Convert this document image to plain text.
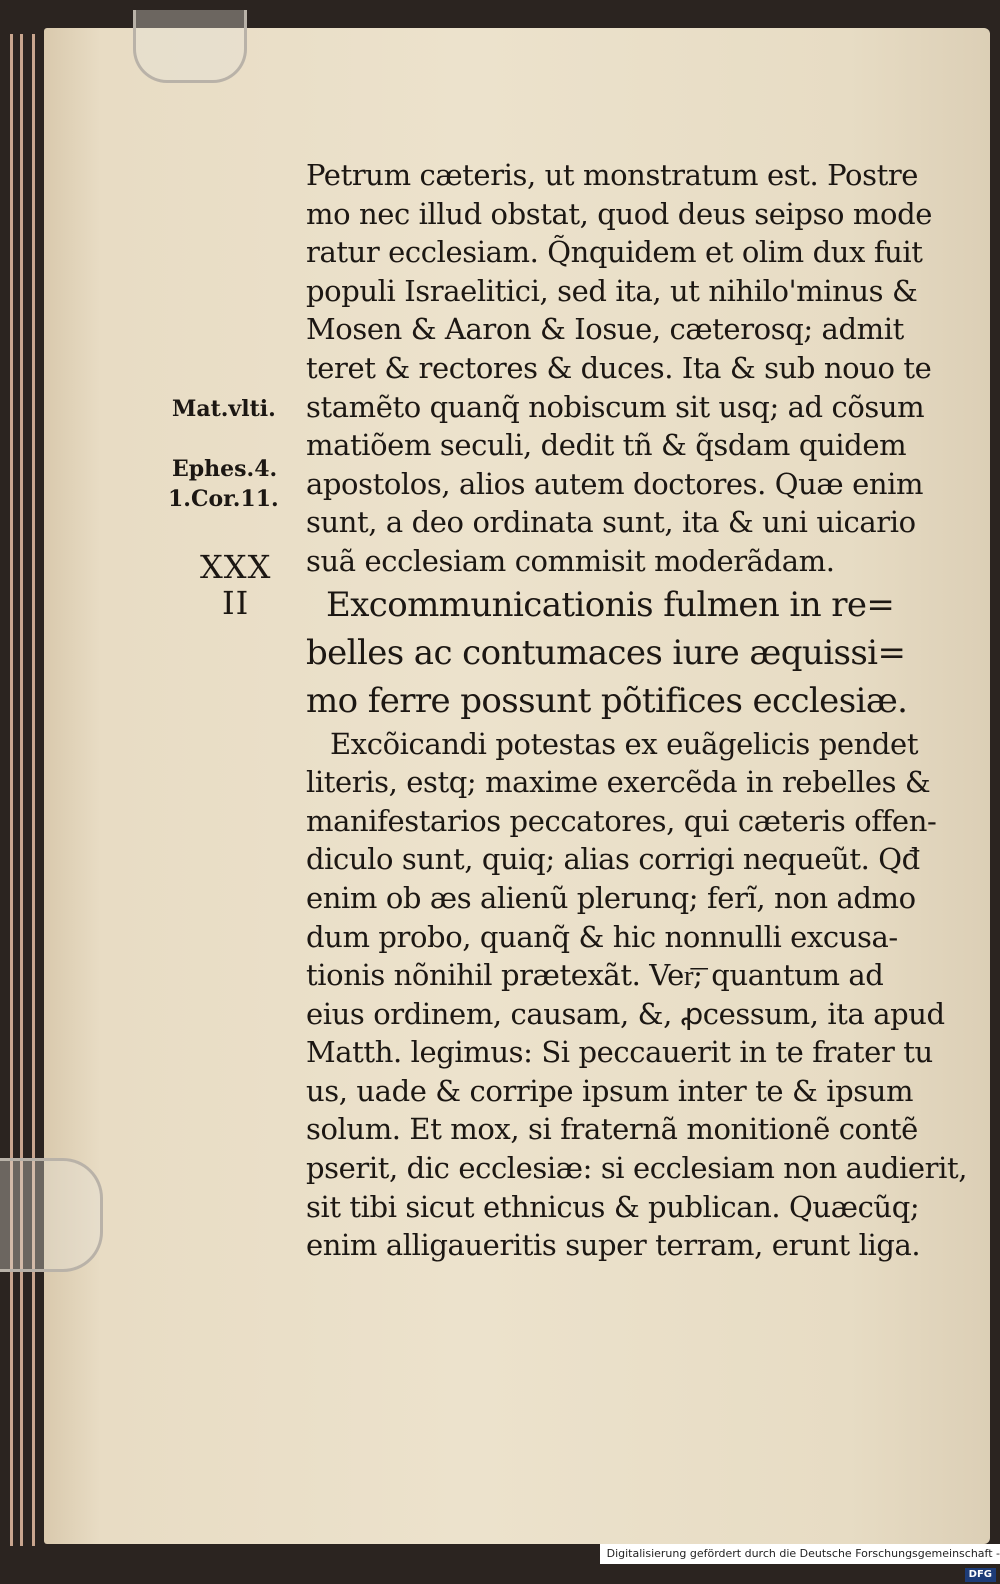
Mat.vlti.
Ephes.4.
1.Cor.11.
XXX
II
Petrum cæteris, ut monstratum est. Postre
mo nec illud obstat, quod deus seipso mode
ratur ecclesiam. Q̃nquidem et olim dux fuit
populi Israelitici, sed ita, ut nihilo'minus &
Mosen & Aaron & Iosue, cæterosq; admit
teret & rectores & duces. Ita & sub nouo te
stamẽto quanq̃ nobiscum sit usq; ad cõsum
matiõem seculi, dedit tñ & q̃sdam quidem
apostolos, alios autem doctores. Quæ enim
sunt, a deo ordinata sunt, ita & uni uicario
suã ecclesiam commisit moderãdam.
Excommunicationis fulmen in re=
belles ac contumaces iure æquissi=
mo ferre possunt põtifices ecclesiæ.
Excõicandi potestas ex euãgelicis pendet
literis, estq; maxime exercẽda in rebelles &
manifestarios peccatores, qui cæteris offen-
diculo sunt, quiq; alias corrigi nequeũt. Qđ
enim ob æs alienũ plerunq; ferĩ, non admo
dum probo, quanq̃ & hic nonnulli excusa-
tionis nõnihil prætexãt. Ver͞; quantum ad
eius ordinem, causam, &, ꝓcessum, ita apud
Matth. legimus: Si peccauerit in te frater tu
us, uade & corripe ipsum inter te & ipsum
solum. Et mox, si fraternã monitionẽ contẽ
pserit, dic ecclesiæ: si ecclesiam non audierit,
sit tibi sicut ethnicus & publican. Quæcũq;
enim alligaueritis super terram, erunt liga.
Digitalisierung gefördert durch die Deutsche Forschungsgemeinschaft -DFG
